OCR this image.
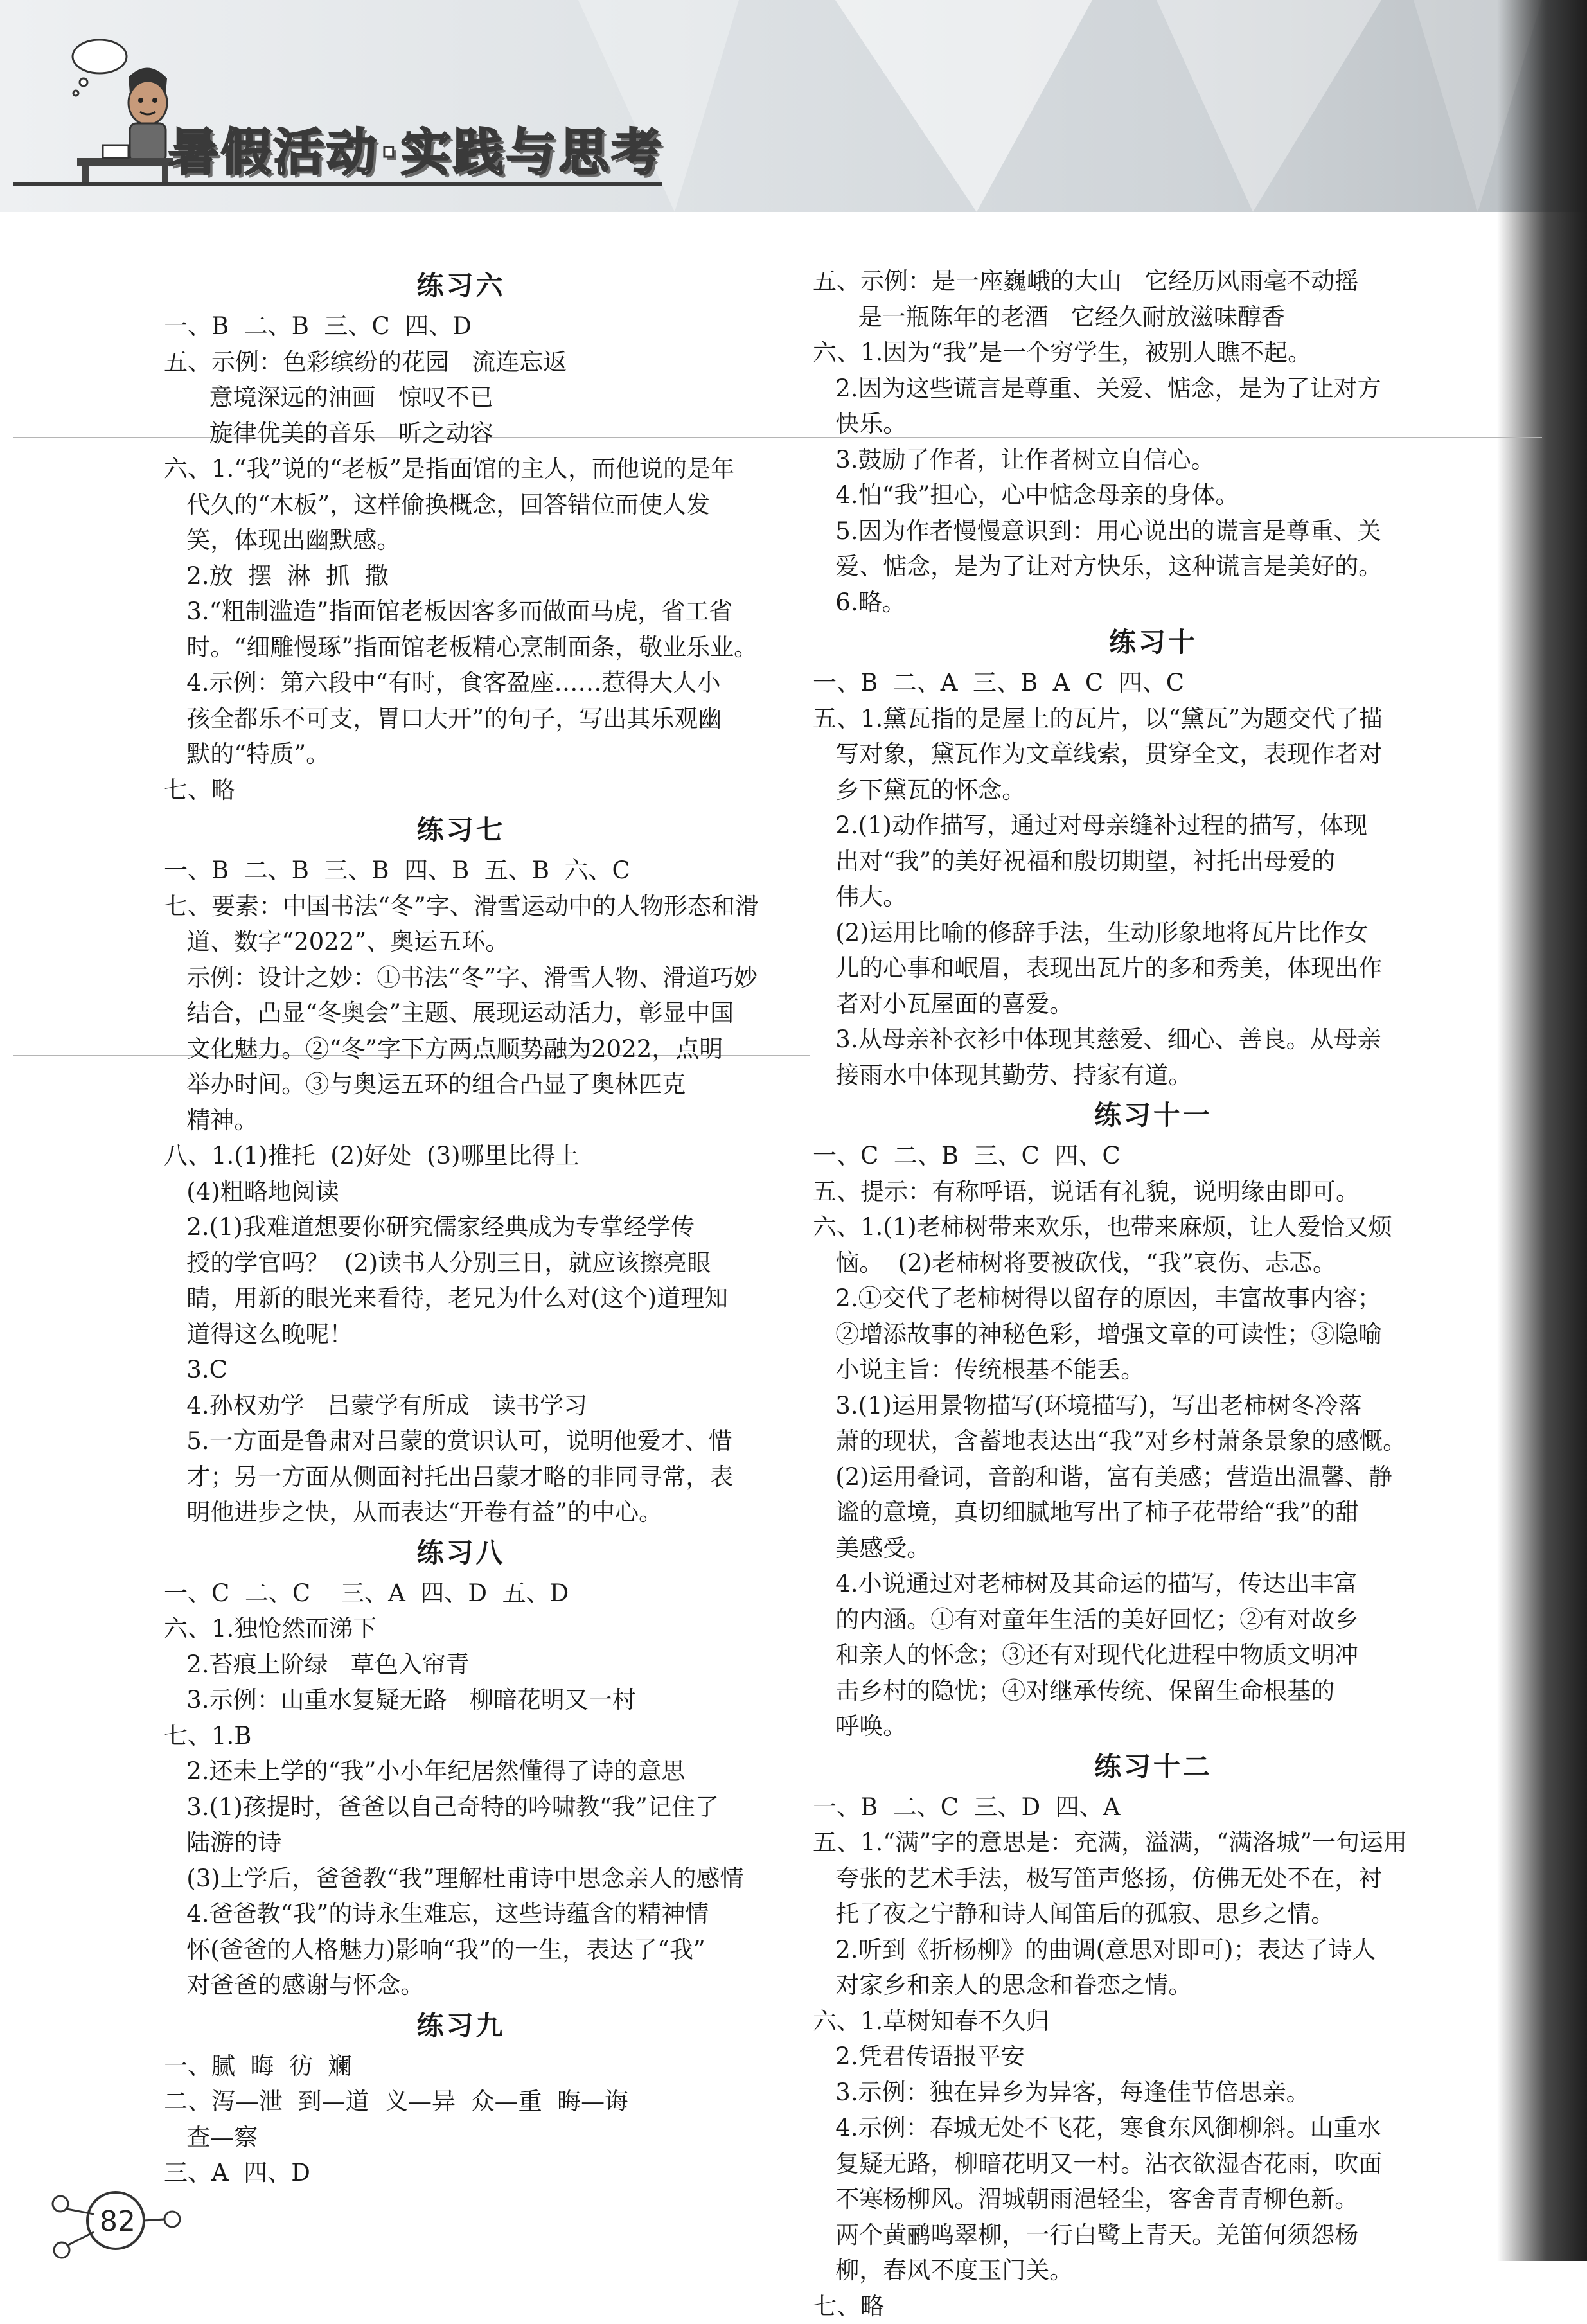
暑假活动·实践与思考
练习六
一、B  二、B  三、C  四、D
五、示例：色彩缤纷的花园   流连忘返
意境深远的油画   惊叹不已
旋律优美的音乐   听之动容
六、1.“我”说的“老板”是指面馆的主人，而他说的是年
代久的“木板”，这样偷换概念，回答错位而使人发
笑，体现出幽默感。
2.放  摆  淋  抓  撒
3.“粗制滥造”指面馆老板因客多而做面马虎，省工省
时。“细雕慢琢”指面馆老板精心烹制面条，敬业乐业。
4.示例：第六段中“有时，食客盈座……惹得大人小
孩全都乐不可支，胃口大开”的句子，写出其乐观幽
默的“特质”。
七、略
练习七
一、B  二、B  三、B  四、B  五、B  六、C
七、要素：中国书法“冬”字、滑雪运动中的人物形态和滑
道、数字“2022”、奥运五环。
示例：设计之妙：①书法“冬”字、滑雪人物、滑道巧妙
结合，凸显“冬奥会”主题、展现运动活力，彰显中国
文化魅力。②“冬”字下方两点顺势融为2022，点明
举办时间。③与奥运五环的组合凸显了奥林匹克
精神。
八、1.(1)推托  (2)好处  (3)哪里比得上
(4)粗略地阅读
2.(1)我难道想要你研究儒家经典成为专掌经学传
授的学官吗？  (2)读书人分别三日，就应该擦亮眼
睛，用新的眼光来看待，老兄为什么对(这个)道理知
道得这么晚呢！
3.C
4.孙权劝学   吕蒙学有所成   读书学习
5.一方面是鲁肃对吕蒙的赏识认可，说明他爱才、惜
才；另一方面从侧面衬托出吕蒙才略的非同寻常，表
明他进步之快，从而表达“开卷有益”的中心。
练习八
一、C  二、C    三、A  四、D  五、D
六、1.独怆然而涕下
2.苔痕上阶绿   草色入帘青
3.示例：山重水复疑无路   柳暗花明又一村
七、1.B
2.还未上学的“我”小小年纪居然懂得了诗的意思
3.(1)孩提时，爸爸以自己奇特的吟啸教“我”记住了
陆游的诗
(3)上学后，爸爸教“我”理解杜甫诗中思念亲人的感情
4.爸爸教“我”的诗永生难忘，这些诗蕴含的精神情
怀(爸爸的人格魅力)影响“我”的一生，表达了“我”
对爸爸的感谢与怀念。
练习九
一、腻  晦  彷  斓
二、泻—泄  到—道  义—异  众—重  晦—诲
查—察
三、A  四、D
五、示例：是一座巍峨的大山   它经历风雨毫不动摇
是一瓶陈年的老酒   它经久耐放滋味醇香
六、1.因为“我”是一个穷学生，被别人瞧不起。
2.因为这些谎言是尊重、关爱、惦念，是为了让对方
快乐。
3.鼓励了作者，让作者树立自信心。
4.怕“我”担心，心中惦念母亲的身体。
5.因为作者慢慢意识到：用心说出的谎言是尊重、关
爱、惦念，是为了让对方快乐，这种谎言是美好的。
6.略。
练习十
一、B  二、A  三、B  A  C  四、C
五、1.黛瓦指的是屋上的瓦片，以“黛瓦”为题交代了描
写对象，黛瓦作为文章线索，贯穿全文，表现作者对
乡下黛瓦的怀念。
2.(1)动作描写，通过对母亲缝补过程的描写，体现
出对“我”的美好祝福和殷切期望，衬托出母爱的
伟大。
(2)运用比喻的修辞手法，生动形象地将瓦片比作女
儿的心事和岷眉，表现出瓦片的多和秀美，体现出作
者对小瓦屋面的喜爱。
3.从母亲补衣衫中体现其慈爱、细心、善良。从母亲
接雨水中体现其勤劳、持家有道。
练习十一
一、C  二、B  三、C  四、C
五、提示：有称呼语，说话有礼貌，说明缘由即可。
六、1.(1)老柿树带来欢乐，也带来麻烦，让人爱恰又烦
恼。  (2)老柿树将要被砍伐，“我”哀伤、忐忑。
2.①交代了老柿树得以留存的原因，丰富故事内容；
②增添故事的神秘色彩，增强文章的可读性；③隐喻
小说主旨：传统根基不能丢。
3.(1)运用景物描写(环境描写)，写出老柿树冬冷落
萧的现状，含蓄地表达出“我”对乡村萧条景象的感慨。
(2)运用叠词，音韵和谐，富有美感；营造出温馨、静
谧的意境，真切细腻地写出了柿子花带给“我”的甜
美感受。
4.小说通过对老柿树及其命运的描写，传达出丰富
的内涵。①有对童年生活的美好回忆；②有对故乡
和亲人的怀念；③还有对现代化进程中物质文明冲
击乡村的隐忧；④对继承传统、保留生命根基的
呼唤。
练习十二
一、B  二、C  三、D  四、A
五、1.“满”字的意思是：充满，溢满，“满洛城”一句运用
夸张的艺术手法，极写笛声悠扬，仿佛无处不在，衬
托了夜之宁静和诗人闻笛后的孤寂、思乡之情。
2.听到《折杨柳》的曲调(意思对即可)；表达了诗人
对家乡和亲人的思念和眷恋之情。
六、1.草树知春不久归
2.凭君传语报平安
3.示例：独在异乡为异客，每逢佳节倍思亲。
4.示例：春城无处不飞花，寒食东风御柳斜。山重水
复疑无路，柳暗花明又一村。沾衣欲湿杏花雨，吹面
不寒杨柳风。渭城朝雨浥轻尘，客舍青青柳色新。
两个黄鹂鸣翠柳，一行白鹭上青天。羌笛何须怨杨
柳，春风不度玉门关。
七、略
82
